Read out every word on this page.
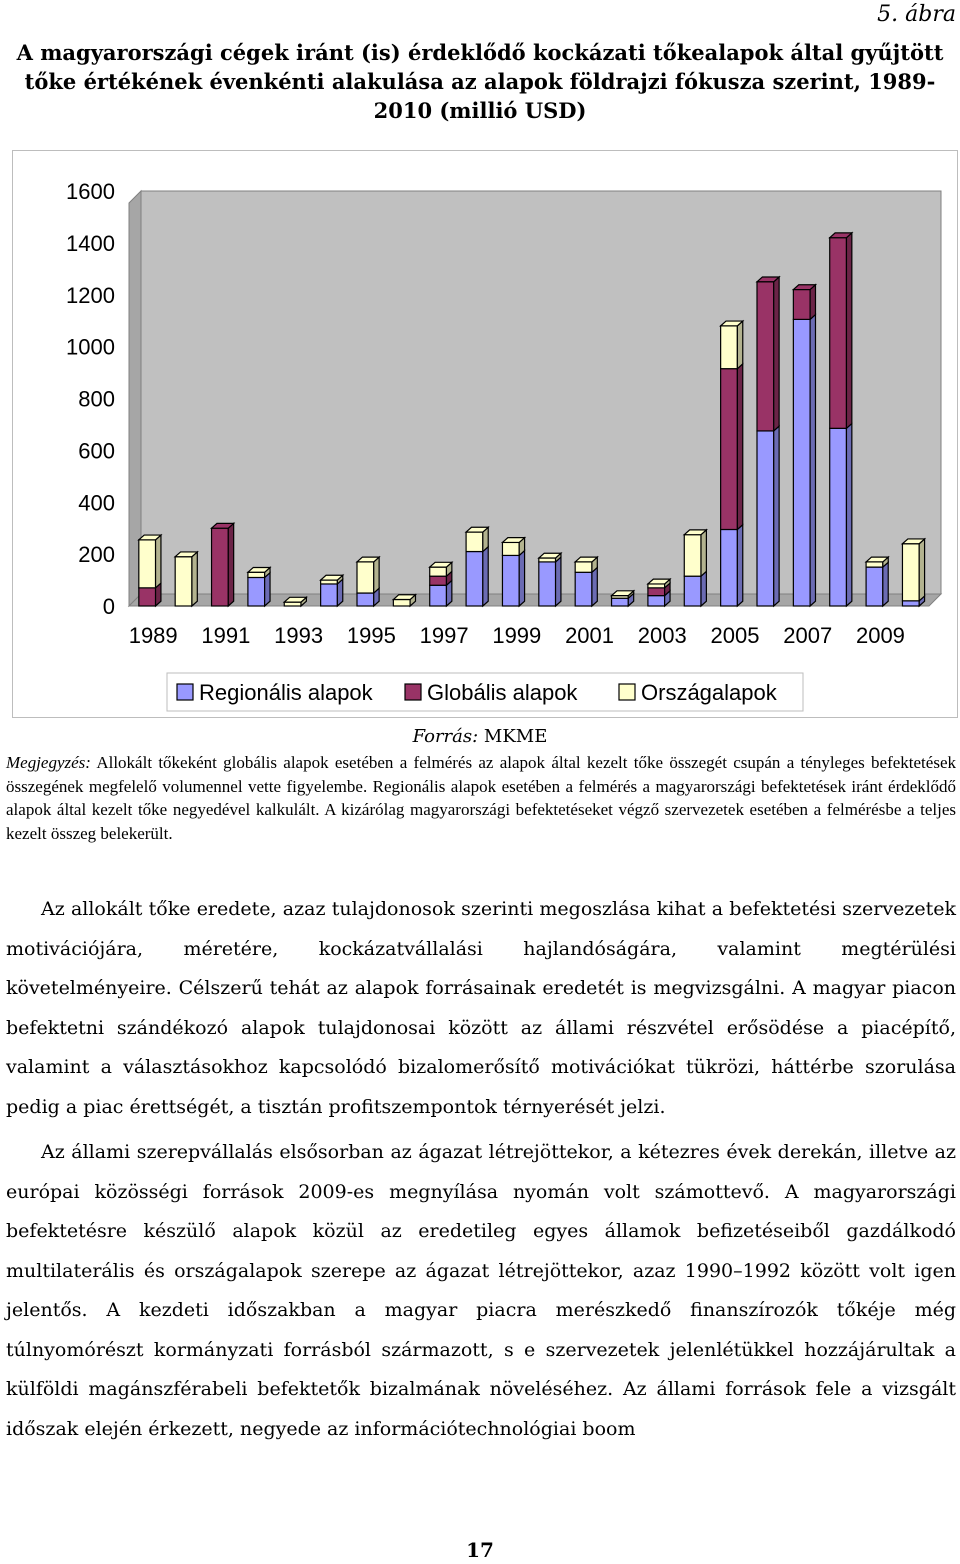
5. ábra
A magyarországi cégek iránt (is) érdeklődő kockázati tőkealapok által gyűjtött tőke értékének évenkénti alakulása az alapok földrajzi fókusza szerint, 1989-2010 (millió USD)
0
200
400
600
800
1000
1200
1400
1600
1989 1991 1993 1995 1997 1999 2001 2003 2005 2007 2009
Regionális alapok Globális alapok	Országalapok
Forrás: MKME
Megjegyzés: Allokált tőkeként globális alapok esetében a felmérés az alapok által kezelt tőke összegét csupán a tényleges befektetések összegének megfelelő volumennel vette figyelembe. Regionális alapok esetében a felmérés a magyarországi befektetések iránt érdeklődő alapok által kezelt tőke negyedével kalkulált. A kizárólag magyarországi befektetéseket végző szervezetek esetében a felmérésbe a teljes kezelt összeg belekerült.

Az allokált tőke eredete, azaz tulajdonosok szerinti megoszlása kihat a befektetési szervezetek motivációjára, méretére, kockázatvállalási hajlandóságára, valamint megtérülési követelményeire. Célszerű tehát az alapok forrásainak eredetét is megvizsgálni. A magyar piacon befektetni szándékozó alapok tulajdonosai között az állami részvétel erősödése a piacépítő, valamint a választásokhoz kapcsolódó bizalomerősítő motivációkat tükrözi, háttérbe szorulása pedig a piac érettségét, a tisztán profitszempontok térnyerését jelzi.

Az állami szerepvállalás elsősorban az ágazat létrejöttekor, a kétezres évek derekán, illetve az európai közösségi források 2009-es megnyílása nyomán volt számottevő. A magyarországi befektetésre készülő alapok közül az eredetileg egyes államok befizetéseiből gazdálkodó multilaterális és országalapok szerepe az ágazat létrejöttekor, azaz 1990–1992 között volt igen jelentős. A kezdeti időszakban a magyar piacra merészkedő finanszírozók tőkéje még túlnyomórészt kormányzati forrásból származott, s e szervezetek jelenlétükkel hozzájárultak a külföldi magánszférabeli befektetők bizalmának növeléséhez. Az állami források fele a vizsgált időszak elején érkezett, negyede az információtechnológiai boom

17
